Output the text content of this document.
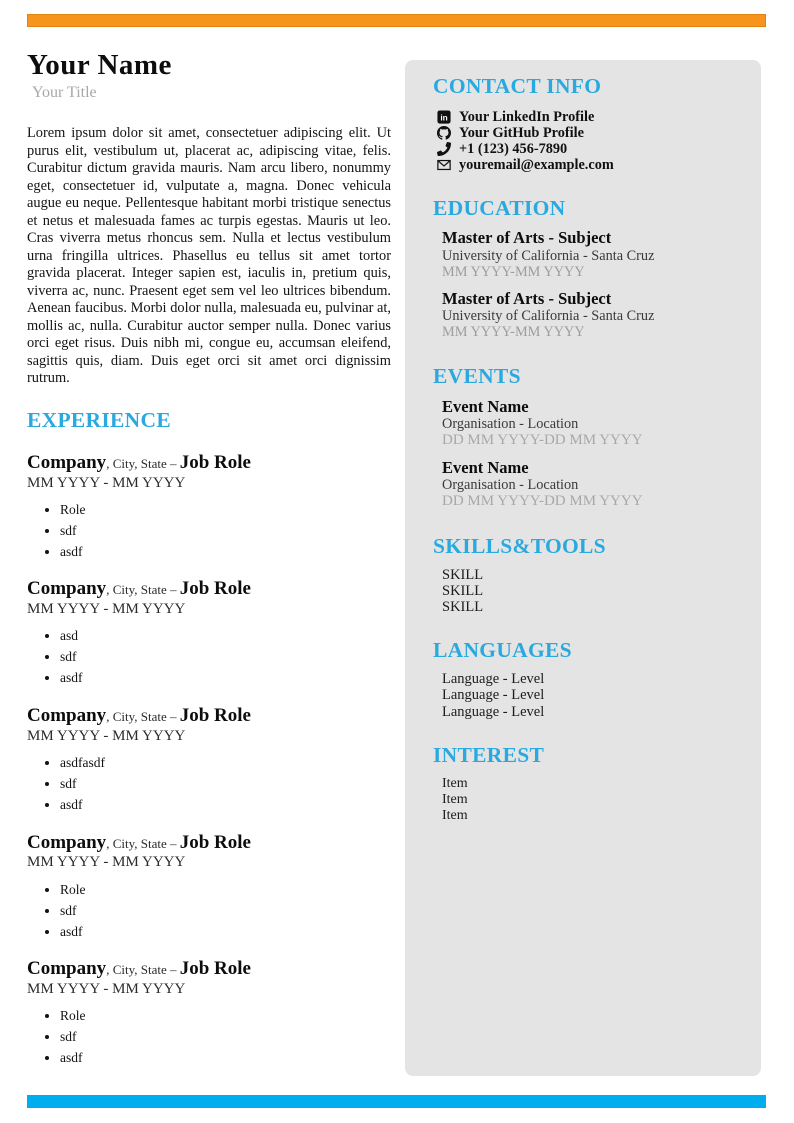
Your Name
Your Title

Lorem ipsum dolor sit amet, consectetuer adipiscing elit. Ut purus elit, vestibulum ut, placerat ac, adipiscing vitae, felis. Curabitur dictum gravida mauris. Nam arcu libero, nonummy eget, consectetuer id, vulputate a, magna. Donec vehicula augue eu neque. Pellentesque habitant morbi tristique senectus et netus et malesuada fames ac turpis egestas. Mauris ut leo. Cras viverra metus rhoncus sem. Nulla et lectus vestibulum urna fringilla ultrices. Phasellus eu tellus sit amet tortor gravida placerat. Integer sapien est, iaculis in, pretium quis, viverra ac, nunc. Praesent eget sem vel leo ultrices bibendum. Aenean faucibus. Morbi dolor nulla, malesuada eu, pulvinar at, mollis ac, nulla. Curabitur auctor semper nulla. Donec varius orci eget risus. Duis nibh mi, congue eu, accumsan eleifend, sagittis quis, diam. Duis eget orci sit amet orci dignissim rutrum.

EXPERIENCE
Company, City, State – Job Role
MM YYYY - MM YYYY
• Role
• sdf
• asdf
Company, City, State – Job Role
MM YYYY - MM YYYY
• asd
• sdf
• asdf
Company, City, State – Job Role
MM YYYY - MM YYYY
• asdfasdf
• sdf
• asdf
Company, City, State – Job Role
MM YYYY - MM YYYY
• Role
• sdf
• asdf
Company, City, State – Job Role
MM YYYY - MM YYYY
• Role
• sdf
• asdf
CONTACT INFO
in Your LinkedIn Profile
Your GitHub Profile
+1 (123) 456-7890
youremail@example.com
EDUCATION
Master of Arts - Subject
University of California - Santa Cruz
MM YYYY-MM YYYY
Master of Arts - Subject
University of California - Santa Cruz
MM YYYY-MM YYYY
EVENTS
Event Name
Organisation - Location
DD MM YYYY-DD MM YYYY
Event Name
Organisation - Location
DD MM YYYY-DD MM YYYY
SKILLS&TOOLS
SKILL
SKILL
SKILL
LANGUAGES
Language - Level
Language - Level
Language - Level
INTEREST
Item
Item
Item
